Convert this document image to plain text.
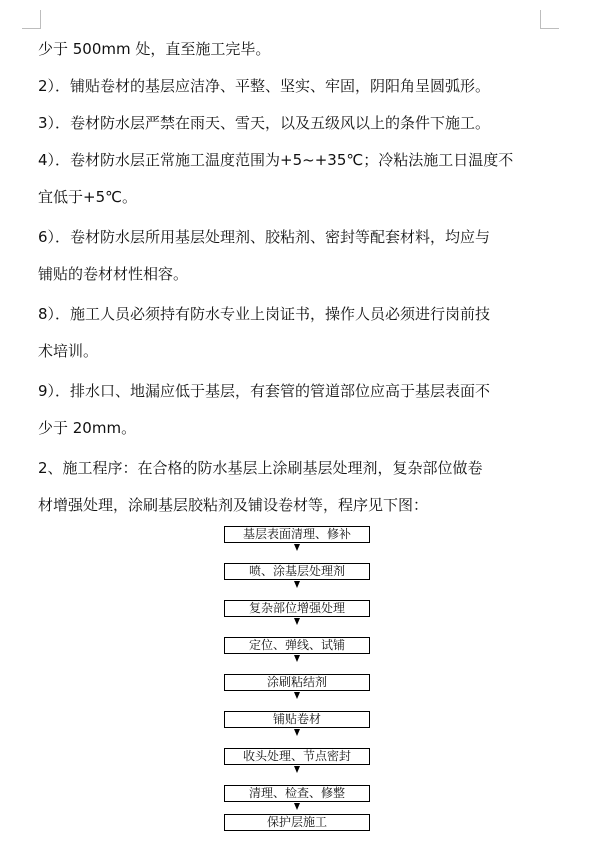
少于 500mm 处，直至施工完毕。
2）．铺贴卷材的基层应洁净、平整、坚实、牢固，阴阳角呈圆弧形。
3）．卷材防水层严禁在雨天、雪天，以及五级风以上的条件下施工。
4）．卷材防水层正常施工温度范围为+5~+35℃；冷粘法施工日温度不
宜低于+5℃。
6）．卷材防水层所用基层处理剂、胶粘剂、密封等配套材料，均应与
铺贴的卷材材性相容。
8）．施工人员必须持有防水专业上岗证书，操作人员必须进行岗前技
术培训。
9）．排水口、地漏应低于基层，有套管的管道部位应高于基层表面不
少于 20mm。
2、施工程序：在合格的防水基层上涂刷基层处理剂，复杂部位做卷
材增强处理，涂刷基层胶粘剂及铺设卷材等，程序见下图：
基层表面清理、修补
喷、涂基层处理剂
复杂部位增强处理
定位、弹线、试铺
涂刷粘结剂
铺贴卷材
收头处理、节点密封
清理、检查、修整
保护层施工
